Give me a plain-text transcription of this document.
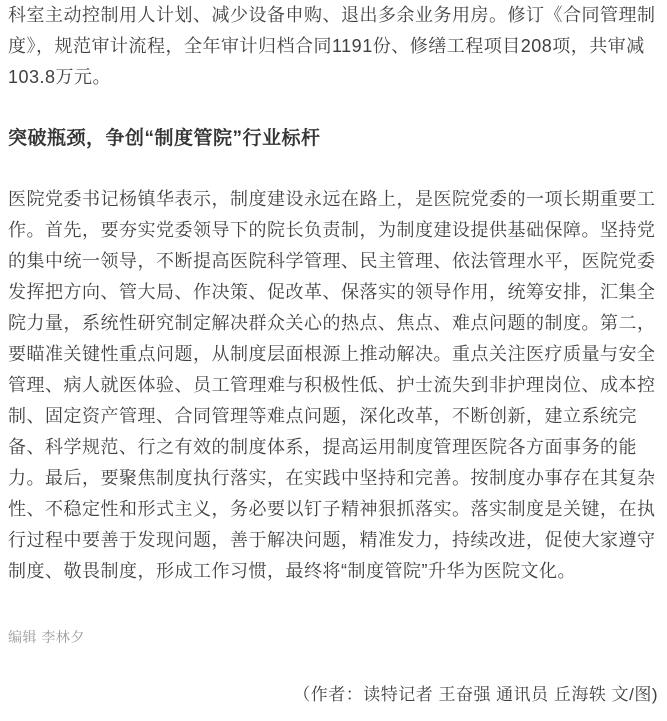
科室主动控制用人计划、减少设备申购、退出多余业务用房。修订《合同管理制度》，规范审计流程，全年审计归档合同1191份、修缮工程项目208项，共审减103.8万元。

突破瓶颈，争创“制度管院”行业标杆

医院党委书记杨镇华表示，制度建设永远在路上，是医院党委的一项长期重要工作。首先，要夯实党委领导下的院长负责制，为制度建设提供基础保障。坚持党的集中统一领导，不断提高医院科学管理、民主管理、依法管理水平，医院党委发挥把方向、管大局、作决策、促改革、保落实的领导作用，统筹安排，汇集全院力量，系统性研究制定解决群众关心的热点、焦点、难点问题的制度。第二，要瞄准关键性重点问题，从制度层面根源上推动解决。重点关注医疗质量与安全管理、病人就医体验、员工管理难与积极性低、护士流失到非护理岗位、成本控制、固定资产管理、合同管理等难点问题，深化改革，不断创新，建立系统完备、科学规范、行之有效的制度体系，提高运用制度管理医院各方面事务的能力。最后，要聚焦制度执行落实，在实践中坚持和完善。按制度办事存在其复杂性、不稳定性和形式主义，务必要以钉子精神狠抓落实。落实制度是关键，在执行过程中要善于发现问题，善于解决问题，精准发力，持续改进，促使大家遵守制度、敬畏制度，形成工作习惯，最终将“制度管院”升华为医院文化。

编辑 李林夕

（作者：读特记者 王奋强 通讯员 丘海轶 文/图)
